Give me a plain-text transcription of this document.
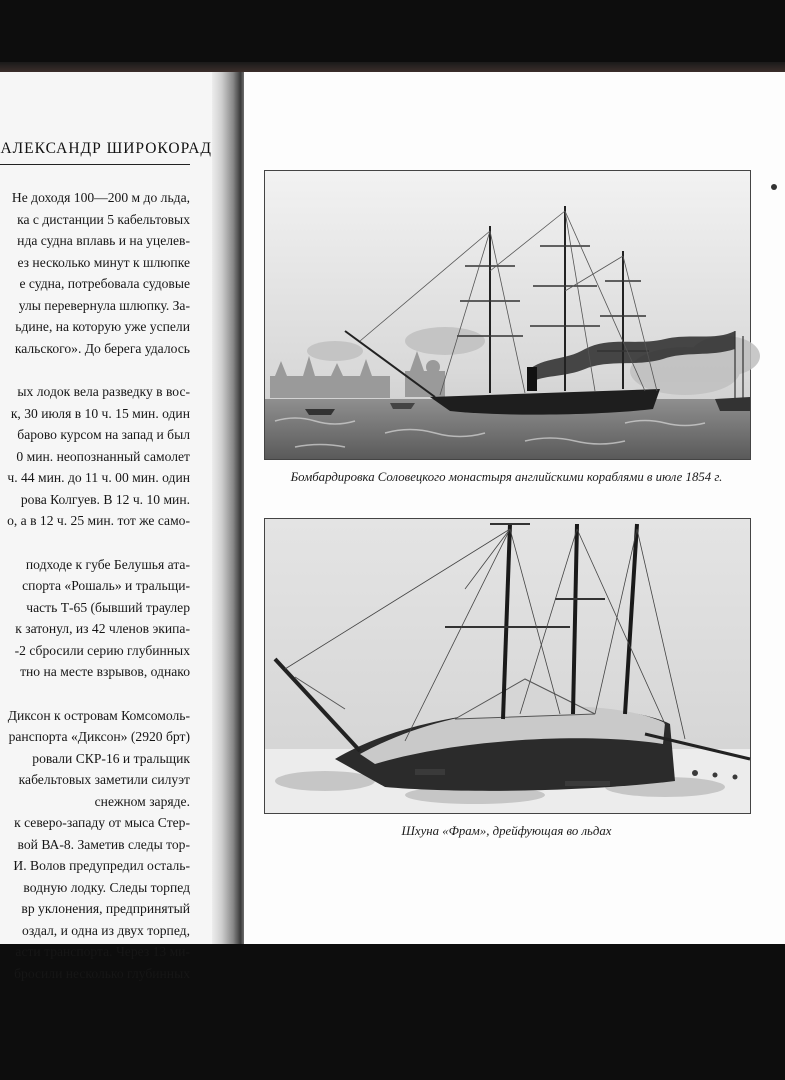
АЛЕКСАНДР ШИРОКОРАД
Не доходя 100—200 м до льда,
ка с дистанции 5 кабельтовых
нда судна вплавь и на уцелев-
ез несколько минут к шлюпке
е судна, потребовала судовые
улы перевернула шлюпку. За-
ьдине, на которую уже успели
кальского». До берега удалось
ых лодок вела разведку в вос-
к, 30 июля в 10 ч. 15 мин. один
барово курсом на запад и был
0 мин. неопознанный самолет
ч. 44 мин. до 11 ч. 00 мин. один
рова Колгуев. В 12 ч. 10 мин.
о, а в 12 ч. 25 мин. тот же само-
подходе к губе Белушья ата-
спорта «Рошаль» и тральщи-
часть Т-65 (бывший траулер
к затонул, из 42 членов экипа-
-2 сбросили серию глубинных
тно на месте взрывов, однако
Диксон к островам Комсомоль-
ранспорта «Диксон» (2920 брт)
ровали СКР-16 и тральщик
кабельтовых заметили силуэт
снежном заряде.
к северо-западу от мыса Стер-
вой ВА-8. Заметив следы тор-
И. Волов предупредил осталь-
водную лодку. Следы торпед
вр уклонения, предпринятый
оздал, и одна из двух торпед,
асти транспорта. Через 13 ми-
бросили несколько глубинных
Бомбардировка Соловецкого монастыря английскими кораблями в июле 1854 г.
Шхуна «Фрам», дрейфующая во льдах
